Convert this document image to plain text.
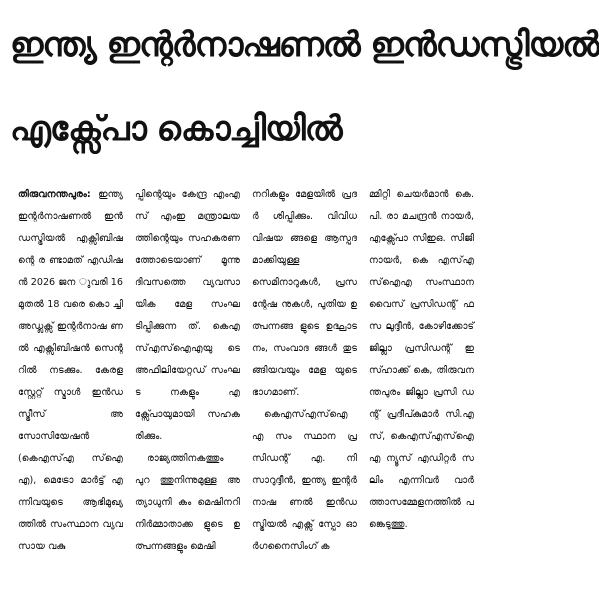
ഇന്ത്യ ഇന്റർനാഷണൽ ഇൻഡസ്ട്രിയൽ
എക്സ്പോ കൊച്ചിയിൽ

തിരുവനന്തപുരം: ഇന്ത്യ ഇന്റർനാഷണൽ ഇൻഡസ്ട്രിയൽ എക്സിബിഷന്റെ ര ണ്ടാമത് എഡിഷൻ 2026 ജന ുവരി 16 മുതൽ 18 വരെ കൊ ച്ചി അഡ്ലക്സ് ഇന്റർനാഷ ണൽ എക്സിബിഷൻ സെന്റ റിൽ നടക്കും. കേരള സ്റ്റേറ്റ് സ്മാൾ ഇൻഡസ്ട്രീസ് അ സോസിയേഷൻ (കെഎസ്എ സ്ഐഎ), മെട്രോ മാർട്ട് എ ന്നിവയുടെ ആഭിമുഖ്യത്തിൽ സംസ്ഥാന വ്യവസായ വകു

പ്പിന്റെയും കേന്ദ്ര എംഎസ് എംഇ മന്ത്രാലയത്തിന്റെയും സഹകരണത്തോടെയാണ് മൂന്നു ദിവസത്തെ വ്യവസാ യിക മേള സംഘടിപ്പിക്കുന്ന ത്. കെഎസ്എസ്ഐഎയു ടെ അഫിലിയേറ്റഡ് സംഘട നകളും എക്സ്പോയുമായി സഹകരിക്കും.

രാജ്യത്തിനകത്തും പുറ ത്തുനിന്നുമുള്ള അത്യാധുനി കം മെഷിനറി നിർമ്മാതാക്ക ളുടെ ഉത്പന്നങ്ങളും മെഷി

നറികളും മേളയിൽ പ്രദർ ശിപ്പിക്കും. വിവിധ വിഷയ ങ്ങളെ ആസ്പദമാക്കിയുള്ള സെമിനാറുകൾ, പ്രസന്റേഷ നുകൾ, പുതിയ ഉത്പന്നങ്ങ ളുടെ ഉദ്ഘാടനം, സംവാദ ങ്ങൾ തുടങ്ങിയവയും മേള യുടെ ഭാഗമാണ്.

കെഎസ്എസ്ഐഎ സം സ്ഥാന പ്രസിഡന്റ് എ. നി സാറുദ്ദീൻ, ഇന്ത്യ ഇന്റർനാഷ ണൽ ഇൻഡസ്ട്രിയൽ എക്സ് സ്പോ ഓർഗനൈസിംഗ് ക

മ്മിറ്റി ചെയർമാൻ കെ.പി. രാ മചന്ദ്രൻ നായർ, എക്സ്പോ സിഇഒ. സിജി നായർ, കെ എസ്എസ്ഐഎ സംസ്ഥാന വൈസ് പ്രസിഡന്റ് ഫസ ലുദ്ദീൻ, കോഴിക്കോട് ജില്ലാ പ്രസിഡന്റ് ഇസ്ഹാക്ക് കെ, തിരുവനന്തപുരം ജില്ലാ പ്രസി ഡന്റ് പ്രദീപ്കുമാർ സി.എസ്, കെഎസ്എസ്ഐഎ ന്യൂസ് എഡിറ്റർ സലിം എന്നിവർ വാർത്താസമ്മേളനത്തിൽ പങ്കെടുത്തു.
